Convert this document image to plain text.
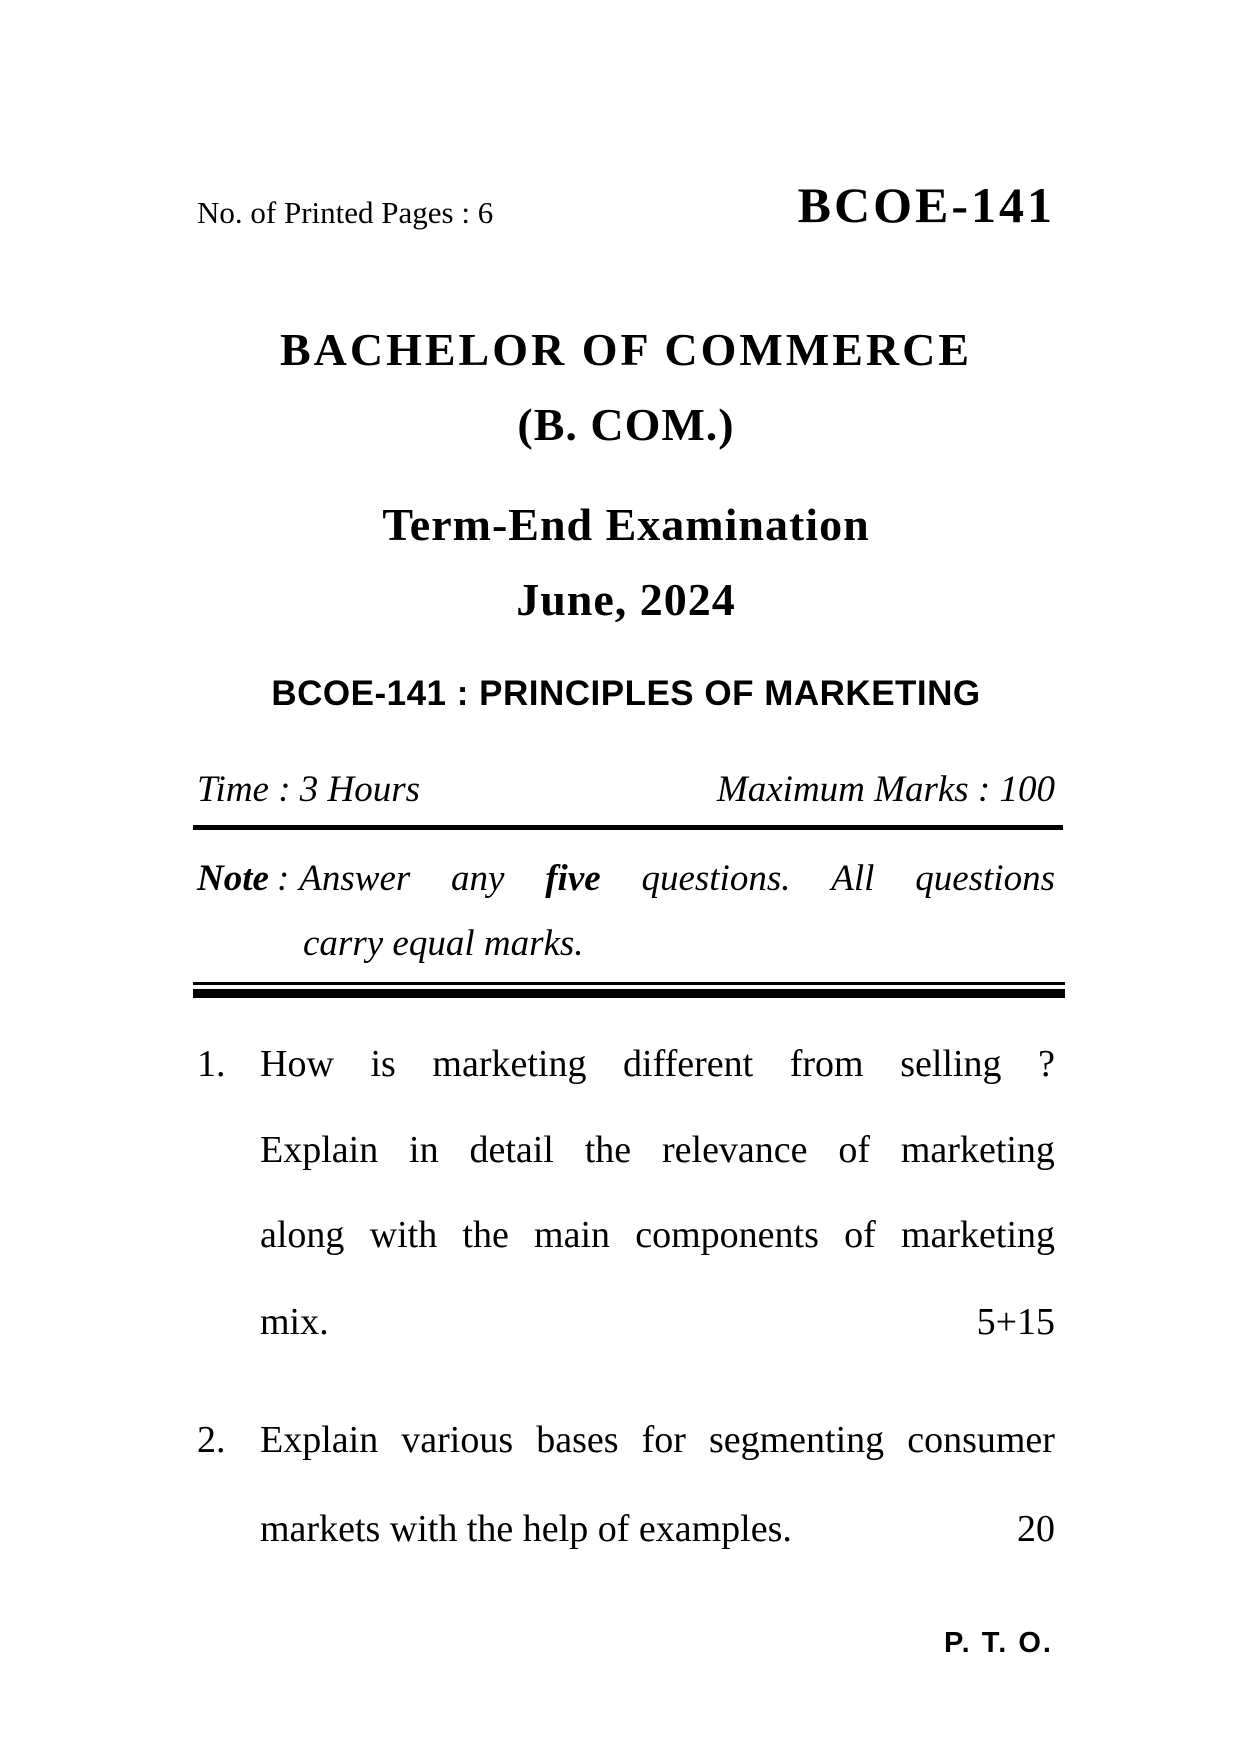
No. of Printed Pages : 6	BCOE-141
BACHELOR OF COMMERCE
(B. COM.)
Term-End Examination
June, 2024
BCOE-141 : PRINCIPLES OF MARKETING
Time : 3 Hours	Maximum Marks : 100
Note : Answer any five questions. All questions
carry equal marks.
1. How is marketing different from selling ?
Explain in detail the relevance of marketing
along with the main components of marketing
mix.	5+15
2. Explain various bases for segmenting consumer
markets with the help of examples.	20
P. T. O.
